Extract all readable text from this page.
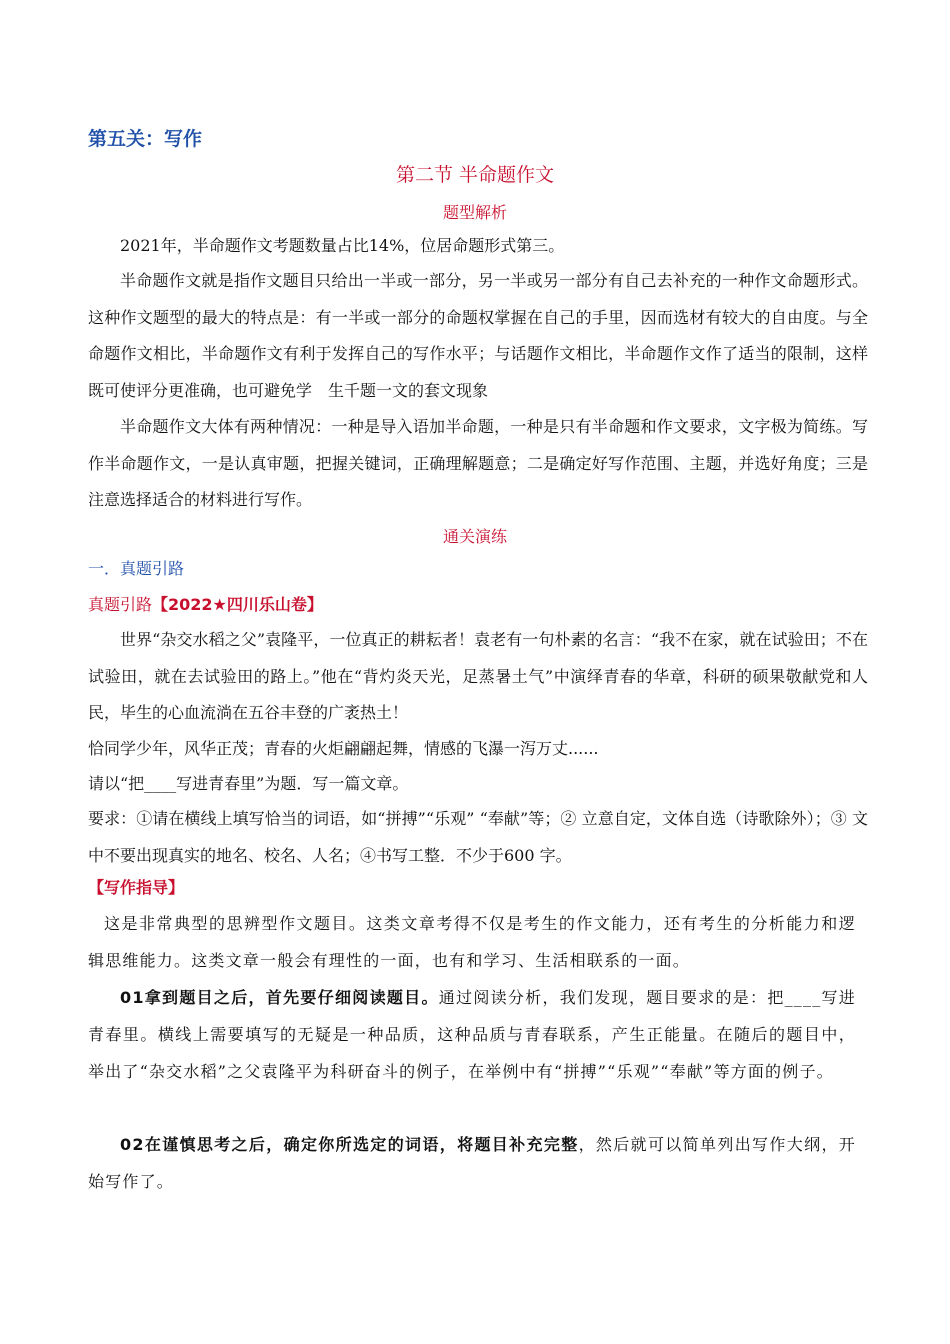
第五关：写作
第二节 半命题作文
题型解析
2021年，半命题作文考题数量占比14%，位居命题形式第三。
半命题作文就是指作文题目只给出一半或一部分，另一半或另一部分有自己去补充的一种作文命题形式。这种作文题型的最大的特点是：有一半或一部分的命题权掌握在自己的手里，因而选材有较大的自由度。与全命题作文相比，半命题作文有利于发挥自己的写作水平；与话题作文相比，半命题作文作了适当的限制，这样既可使评分更准确，也可避免学　生千题一文的套文现象
半命题作文大体有两种情况：一种是导入语加半命题，一种是只有半命题和作文要求，文字极为简练。写作半命题作文，一是认真审题，把握关键词，正确理解题意；二是确定好写作范围、主题，并选好角度；三是注意选择适合的材料进行写作。
通关演练
一．真题引路
真题引路【2022★四川乐山卷】
世界“杂交水稻之父”袁隆平，一位真正的耕耘者！袁老有一句朴素的名言：“我不在家，就在试验田；不在试验田，就在去试验田的路上。”他在“背灼炎天光，足蒸暑土气”中演绎青春的华章，科研的硕果敬献党和人民，毕生的心血流淌在五谷丰登的广袤热土！
恰同学少年，风华正茂；青春的火炬翩翩起舞，情感的飞瀑一泻万丈......
请以“把____写进青春里”为题．写一篇文章。
要求：①请在横线上填写恰当的词语，如“拼搏”“乐观” “奉献”等；② 立意自定，文体自选（诗歌除外）；③ 文中不要出现真实的地名、校名、人名；④书写工整．不少于600 字。
【写作指导】
这是非常典型的思辨型作文题目。这类文章考得不仅是考生的作文能力，还有考生的分析能力和逻辑思维能力。这类文章一般会有理性的一面，也有和学习、生活相联系的一面。
01拿到题目之后，首先要仔细阅读题目。通过阅读分析，我们发现，题目要求的是：把____写进青春里。横线上需要填写的无疑是一种品质，这种品质与青春联系，产生正能量。在随后的题目中，举出了“杂交水稻”之父袁隆平为科研奋斗的例子，在举例中有“拼搏”“乐观”“奉献”等方面的例子。
02在谨慎思考之后，确定你所选定的词语，将题目补充完整，然后就可以简单列出写作大纲，开始写作了。
